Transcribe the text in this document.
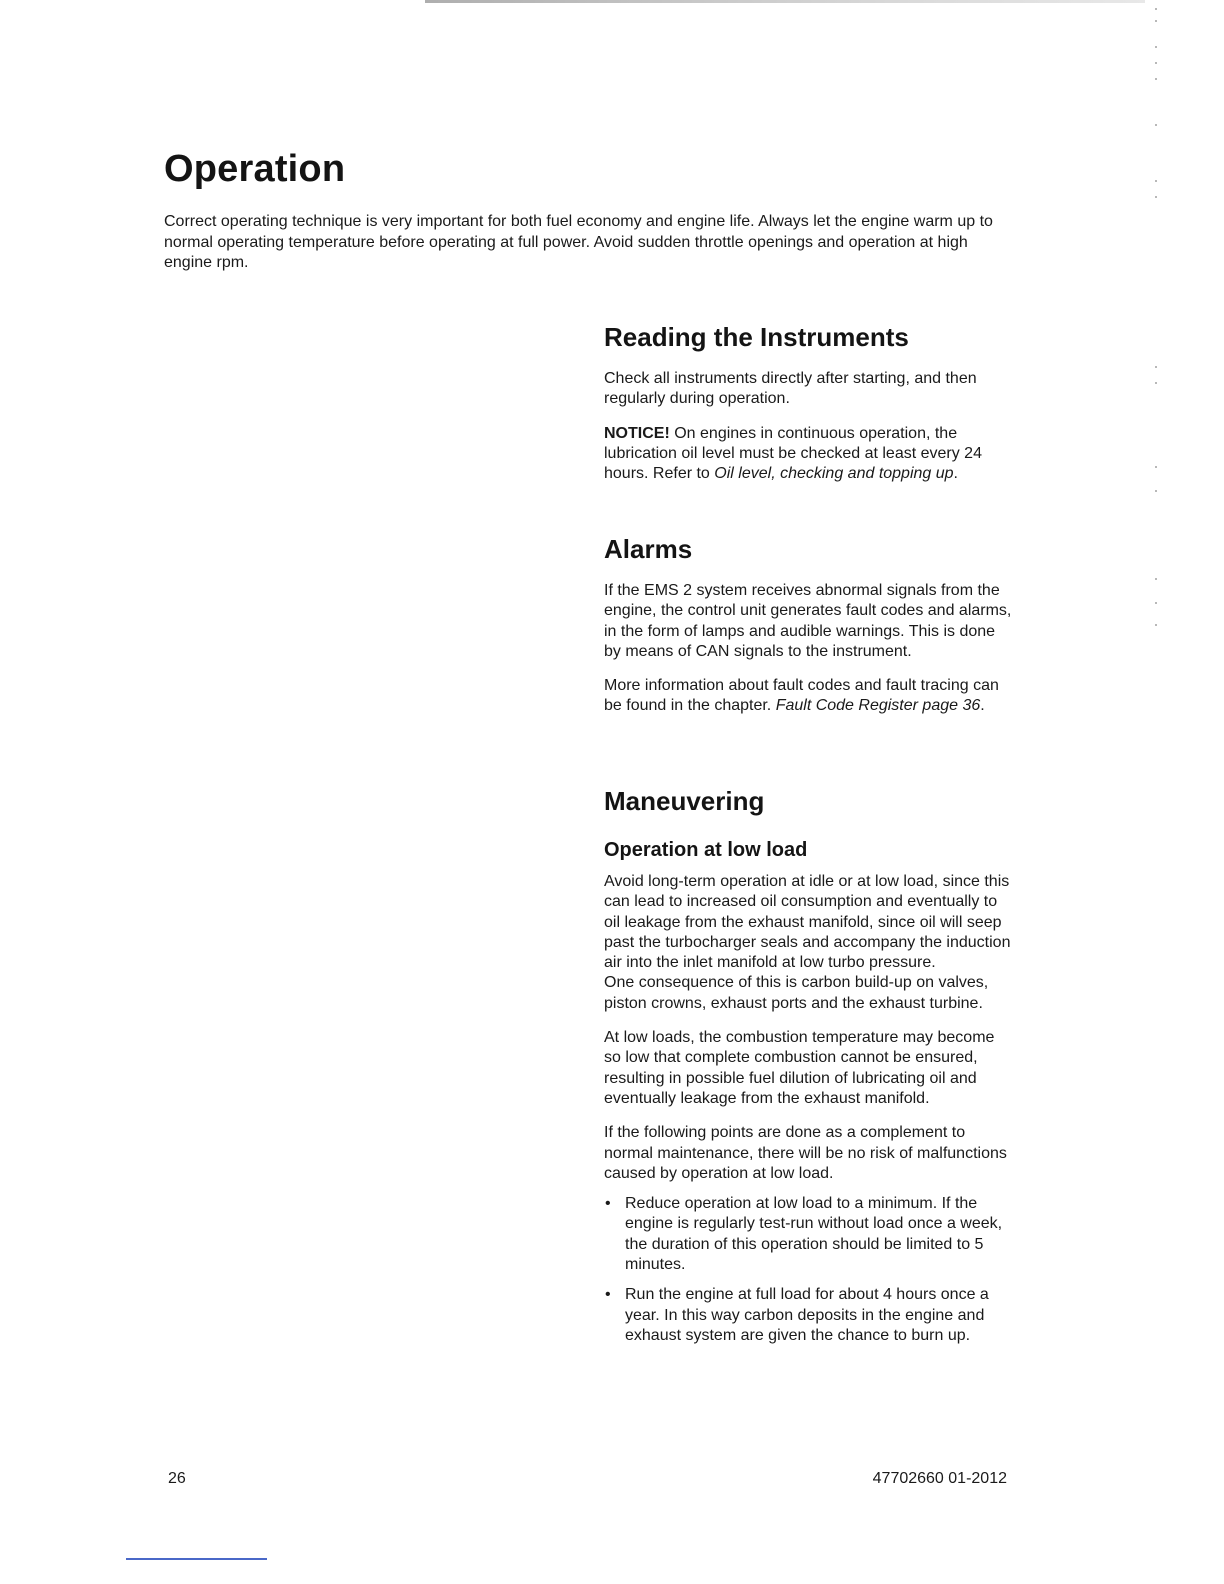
Operation

Correct operating technique is very important for both fuel economy and engine life. Always let the engine warm up to normal operating temperature before operating at full power. Avoid sudden throttle openings and operation at high engine rpm.

Reading the Instruments

Check all instruments directly after starting, and then regularly during operation.

NOTICE! On engines in continuous operation, the lubrication oil level must be checked at least every 24 hours. Refer to Oil level, checking and topping up.

Alarms

If the EMS 2 system receives abnormal signals from the engine, the control unit generates fault codes and alarms, in the form of lamps and audible warnings. This is done by means of CAN signals to the instrument.

More information about fault codes and fault tracing can be found in the chapter. Fault Code Register page 36.

Maneuvering
Operation at low load

Avoid long-term operation at idle or at low load, since this can lead to increased oil consumption and eventually to oil leakage from the exhaust manifold, since oil will seep past the turbocharger seals and accompany the induction air into the inlet manifold at low turbo pressure.

One consequence of this is carbon build-up on valves, piston crowns, exhaust ports and the exhaust turbine.

At low loads, the combustion temperature may become so low that complete combustion cannot be ensured, resulting in possible fuel dilution of lubricating oil and eventually leakage from the exhaust manifold.

If the following points are done as a complement to normal maintenance, there will be no risk of malfunctions caused by operation at low load.

• Reduce operation at low load to a minimum. If the engine is regularly test-run without load once a week, the duration of this operation should be limited to 5 minutes.
• Run the engine at full load for about 4 hours once a year. In this way carbon deposits in the engine and exhaust system are given the chance to burn up.
26	47702660 01-2012
